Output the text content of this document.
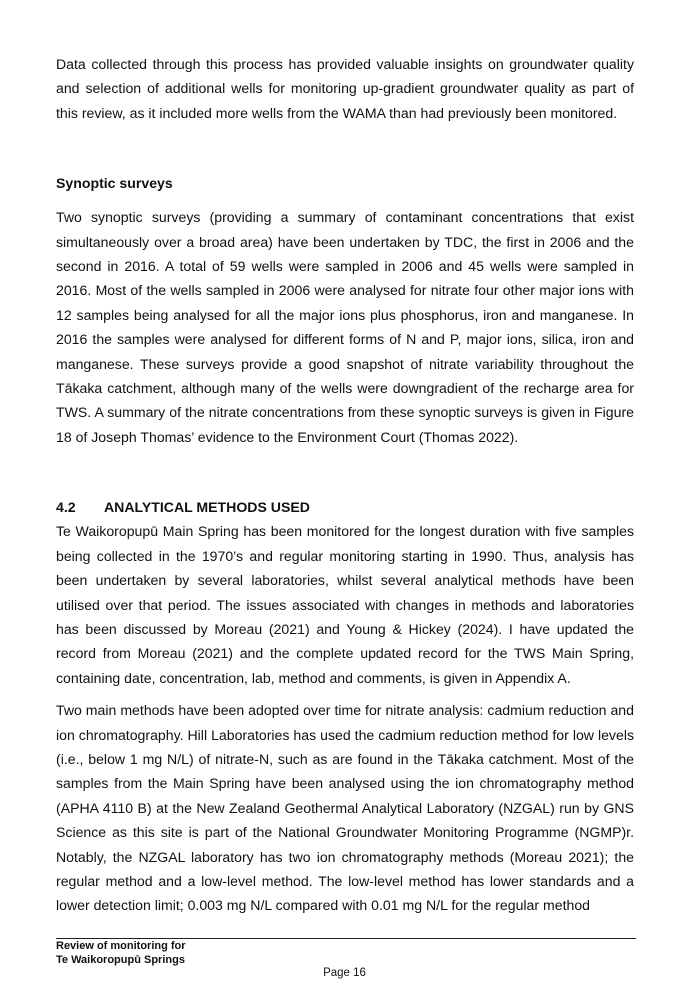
Data collected through this process has provided valuable insights on groundwater quality and selection of additional wells for monitoring up-gradient groundwater quality as part of this review, as it included more wells from the WAMA than had previously been monitored.

Synoptic surveys

Two synoptic surveys (providing a summary of contaminant concentrations that exist simultaneously over a broad area) have been undertaken by TDC, the first in 2006 and the second in 2016. A total of 59 wells were sampled in 2006 and 45 wells were sampled in 2016. Most of the wells sampled in 2006 were analysed for nitrate four other major ions with 12 samples being analysed for all the major ions plus phosphorus, iron and manganese. In 2016 the samples were analysed for different forms of N and P, major ions, silica, iron and manganese. These surveys provide a good snapshot of nitrate variability throughout the Tākaka catchment, although many of the wells were downgradient of the recharge area for TWS. A summary of the nitrate concentrations from these synoptic surveys is given in Figure 18 of Joseph Thomas’ evidence to the Environment Court (Thomas 2022).

4.2	ANALYTICAL METHODS USED

Te Waikoropupū Main Spring has been monitored for the longest duration with five samples being collected in the 1970’s and regular monitoring starting in 1990. Thus, analysis has been undertaken by several laboratories, whilst several analytical methods have been utilised over that period. The issues associated with changes in methods and laboratories has been discussed by Moreau (2021) and Young & Hickey (2024). I have updated the record from Moreau (2021) and the complete updated record for the TWS Main Spring, containing date, concentration, lab, method and comments, is given in Appendix A.

Two main methods have been adopted over time for nitrate analysis: cadmium reduction and ion chromatography. Hill Laboratories has used the cadmium reduction method for low levels (i.e., below 1 mg N/L) of nitrate-N, such as are found in the Tākaka catchment. Most of the samples from the Main Spring have been analysed using the ion chromatography method (APHA 4110 B) at the New Zealand Geothermal Analytical Laboratory (NZGAL) run by GNS Science as this site is part of the National Groundwater Monitoring Programme (NGMP)r. Notably, the NZGAL laboratory has two ion chromatography methods (Moreau 2021); the regular method and a low-level method. The low-level method has lower standards and a lower detection limit; 0.003 mg N/L compared with 0.01 mg N/L for the regular method

Review of monitoring for
Te Waikoropupū Springs
Page 16
